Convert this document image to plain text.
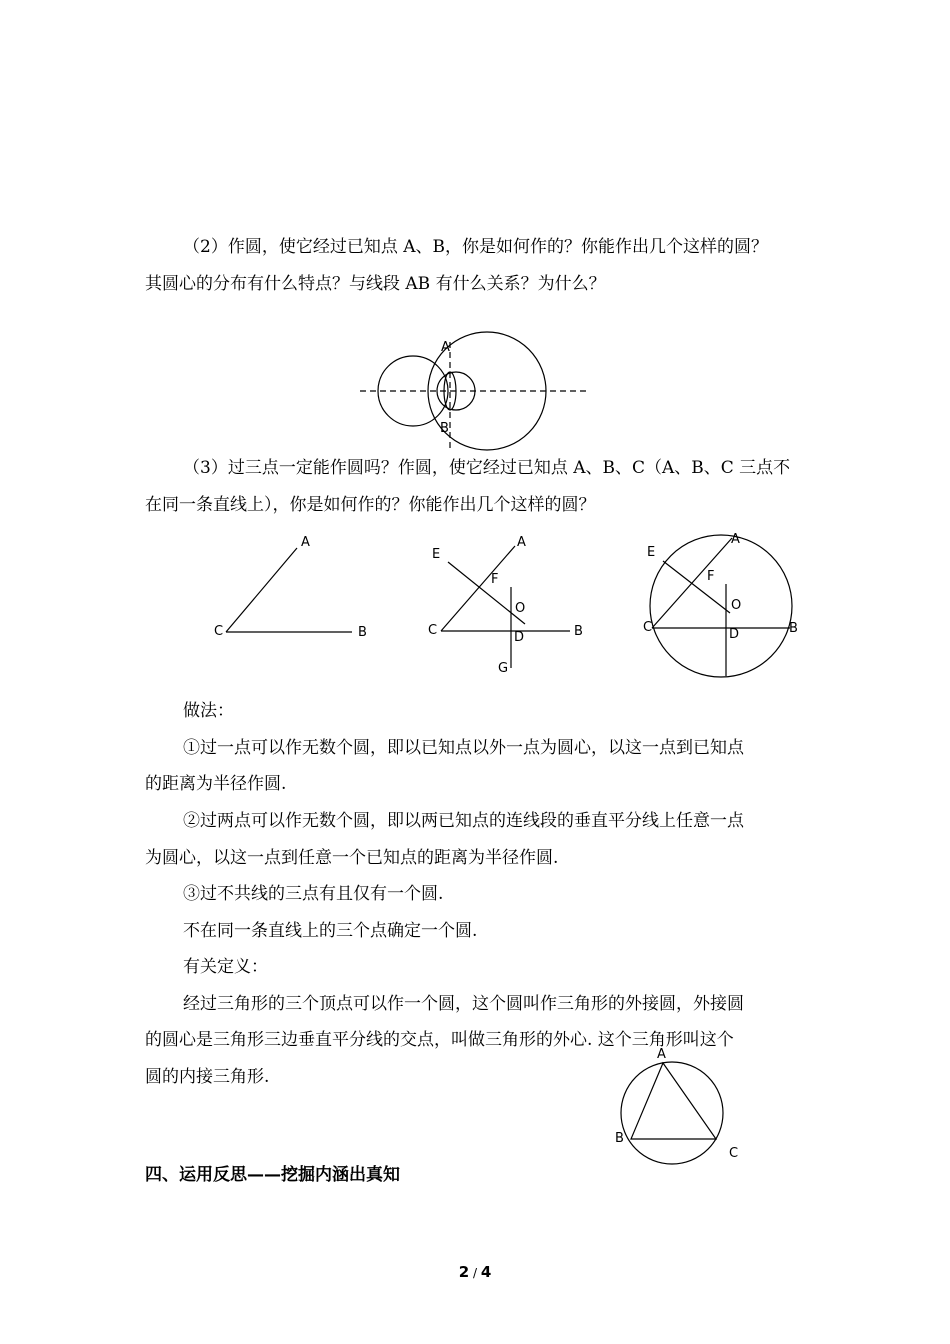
（2）作圆，使它经过已知点 A、B，你是如何作的？你能作出几个这样的圆？
其圆心的分布有什么特点？与线段 AB 有什么关系？为什么？
A
B
（3）过三点一定能作圆吗？作圆，使它经过已知点 A、B、C（A、B、C 三点不
在同一条直线上），你是如何作的？你能作出几个这样的圆？
A
B
C
A
B
C	D
E
F
G
O
A
B
C	D
E
F
O
做法：
①过一点可以作无数个圆，即以已知点以外一点为圆心，以这一点到已知点
的距离为半径作圆.
②过两点可以作无数个圆，即以两已知点的连线段的垂直平分线上任意一点
为圆心，以这一点到任意一个已知点的距离为半径作圆.
③过不共线的三点有且仅有一个圆.
不在同一条直线上的三个点确定一个圆.
有关定义：
经过三角形的三个顶点可以作一个圆，这个圆叫作三角形的外接圆，外接圆
的圆心是三角形三边垂直平分线的交点，叫做三角形的外心. 这个三角形叫这个
圆的内接三角形.
A
B
C
四、运用反思——挖掘内涵出真知
2 / 4
